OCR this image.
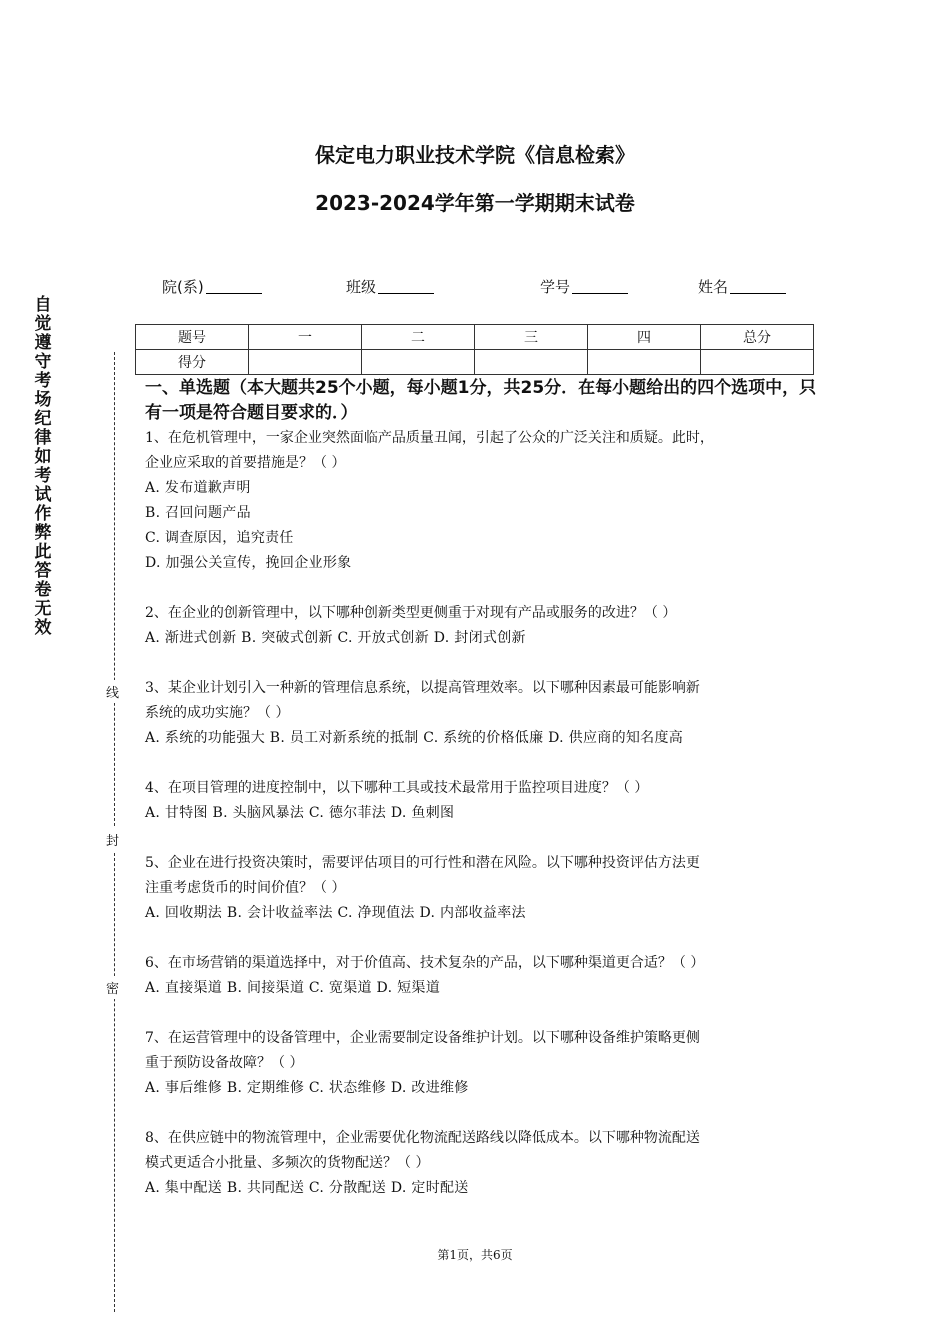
保定电力职业技术学院《信息检索》
2023-2024学年第一学期期末试卷
院(系)	班级	学号	姓名
题号	一	二	三	四	总分
得分					
自觉遵守考场纪律如考试作弊此答卷无效
线
封
密
一、单选题（本大题共25个小题，每小题1分，共25分．在每小题给出的四个选项中，只有一项是符合题目要求的．）

1、在危机管理中，一家企业突然面临产品质量丑闻，引起了公众的广泛关注和质疑。此时，

企业应采取的首要措施是？（ ）

A. 发布道歉声明

B. 召回问题产品

C. 调查原因，追究责任

D. 加强公关宣传，挽回企业形象

2、在企业的创新管理中，以下哪种创新类型更侧重于对现有产品或服务的改进？（ ）

A. 渐进式创新 B. 突破式创新 C. 开放式创新 D. 封闭式创新

3、某企业计划引入一种新的管理信息系统，以提高管理效率。以下哪种因素最可能影响新

系统的成功实施？（ ）

A. 系统的功能强大 B. 员工对新系统的抵制 C. 系统的价格低廉 D. 供应商的知名度高

4、在项目管理的进度控制中，以下哪种工具或技术最常用于监控项目进度？（ ）

A. 甘特图 B. 头脑风暴法 C. 德尔菲法 D. 鱼刺图

5、企业在进行投资决策时，需要评估项目的可行性和潜在风险。以下哪种投资评估方法更

注重考虑货币的时间价值？（ ）

A. 回收期法 B. 会计收益率法 C. 净现值法 D. 内部收益率法

6、在市场营销的渠道选择中，对于价值高、技术复杂的产品，以下哪种渠道更合适？（ ）

A. 直接渠道 B. 间接渠道 C. 宽渠道 D. 短渠道

7、在运营管理中的设备管理中，企业需要制定设备维护计划。以下哪种设备维护策略更侧

重于预防设备故障？（ ）

A. 事后维修 B. 定期维修 C. 状态维修 D. 改进维修

8、在供应链中的物流管理中，企业需要优化物流配送路线以降低成本。以下哪种物流配送

模式更适合小批量、多频次的货物配送？（ ）

A. 集中配送 B. 共同配送 C. 分散配送 D. 定时配送

第1页，共6页
